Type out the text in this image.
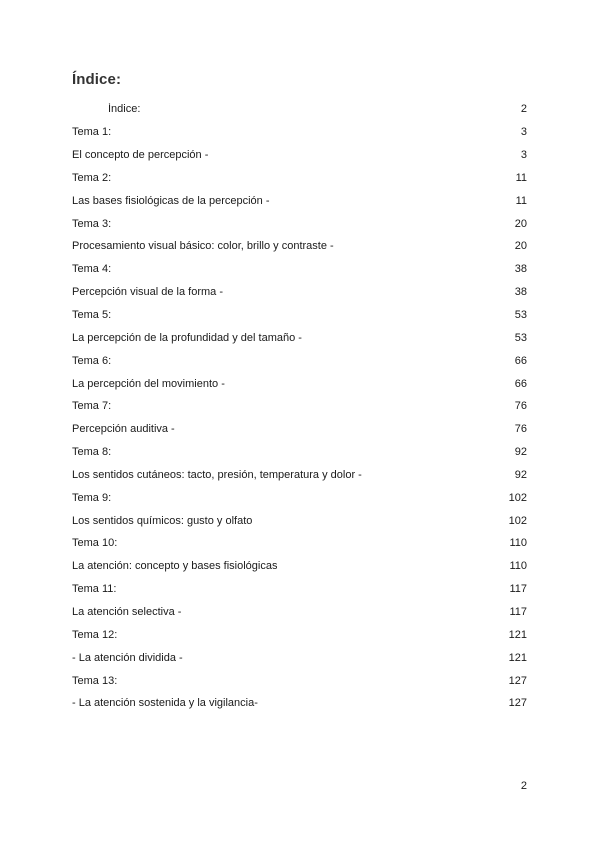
Índice:
Índice:	2
Tema 1:	3
El concepto de percepción -	3
Tema 2:	11
Las bases fisiológicas de la percepción -	11
Tema 3:	20
Procesamiento visual básico: color, brillo y contraste -	20
Tema 4:	38
Percepción visual de la forma -	38
Tema 5:	53
La percepción de la profundidad y del tamaño -	53
Tema 6:	66
La percepción del movimiento -	66
Tema 7:	76
Percepción auditiva -	76
Tema 8:	92
Los sentidos cutáneos: tacto, presión, temperatura y dolor -	92
Tema 9:	102
Los sentidos químicos: gusto y olfato	102
Tema 10:	110
La atención: concepto y bases fisiológicas	110
Tema 11:	117
La atención selectiva -	117
Tema 12:	121
- La atención dividida -	121
Tema 13:	127
- La atención sostenida y la vigilancia-	127
2
